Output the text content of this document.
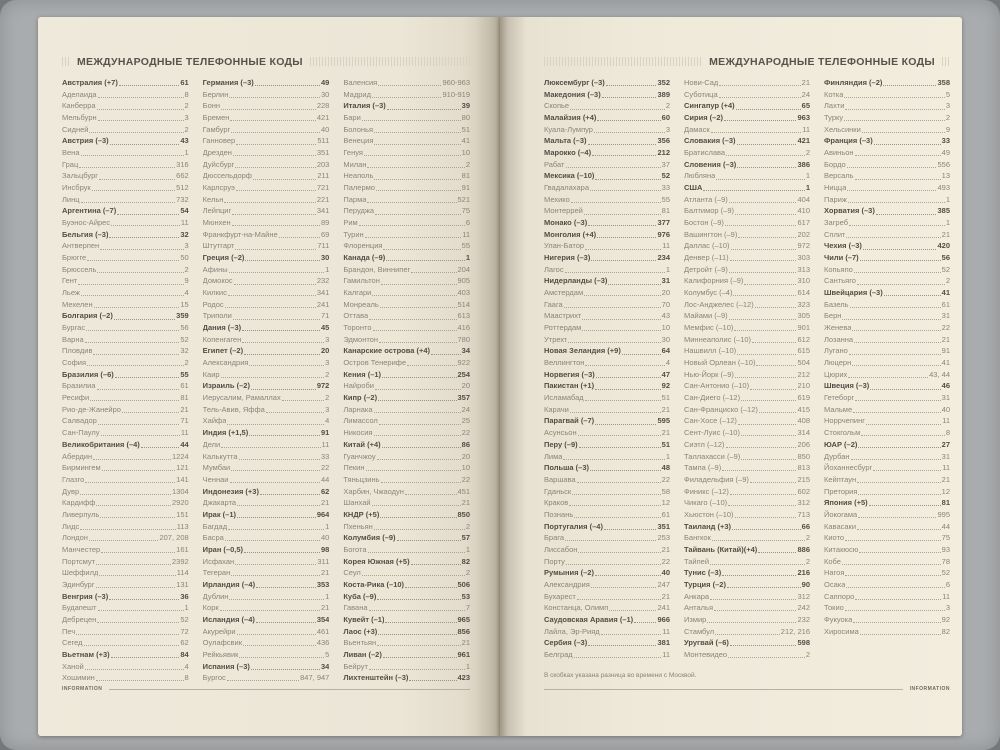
МЕЖДУНАРОДНЫЕ ТЕЛЕФОННЫЕ КОДЫ
Австралия (+7)	61
Аделаида	8
Канберра	2
Мельбурн	3
Сидней	2
Австрия (–3)	43
Вена	1
Грац	316
Зальцбург	662
Инсбрук	512
Линц	732
Аргентина (–7)	54
Буэнос-Айрес	11
Бельгия (–3)	32
Антверпен	3
Брюгге	50
Брюссель	2
Гент	9
Льеж	4
Мехелен	15
Болгария (–2)	359
Бургас	56
Варна	52
Пловдив	32
София	2
Бразилия (–6)	55
Бразилиа	61
Ресифи	81
Рио-де-Жанейро	21
Салвадор	71
Сан-Паулу	11
Великобритания (–4)	44
Абердин	1224
Бирмингем	121
Глазго	141
Дувр	1304
Кардифф	2920
Ливерпуль	151
Лидс	113
Лондон	207, 208
Манчестер	161
Портсмут	2392
Шеффилд	114
Эдинбург	131
Венгрия (–3)	36
Будапешт	1
Дебрецен	52
Печ	72
Сегед	62
Вьетнам (+3)	84
Ханой	4
Хошимин	8
Германия (–3)	49
Берлин	30
Бонн	228
Бремен	421
Гамбург	40
Ганновер	511
Дрезден	351
Дуйсбург	203
Дюссельдорф	211
Карлсруэ	721
Кельн	221
Лейпциг	341
Мюнхен	89
Франкфурт-на-Майне	69
Штутгарт	711
Греция (–2)	30
Афины	1
Домокос	232
Килкис	341
Родос	241
Триполи	71
Дания (–3)	45
Копенгаген	3
Египет (–2)	20
Александрия	3
Каир	2
Израиль (–2)	972
Иерусалим, Рамаллах	2
Тель-Авив, Яффа	3
Хайфа	4
Индия (+1,5)	91
Дели	11
Калькутта	33
Мумбаи	22
Ченнаи	44
Индонезия (+3)	62
Джакарта	21
Ирак (–1)	964
Багдад	1
Басра	40
Иран (–0,5)	98
Исфахан	311
Тегеран	21
Ирландия (–4)	353
Дублин	1
Корк	21
Исландия (–4)	354
Акурейри	461
Оулафсвик	436
Рейкьявик	5
Испания (–3)	34
Бургос	847, 947
Валенсия	960-963
Мадрид	910-919
Италия (–3)	39
Бари	80
Болонья	51
Венеция	41
Генуя	10
Милан	2
Неаполь	81
Палермо	91
Парма	521
Перуджа	75
Рим	6
Турин	11
Флоренция	55
Канада (–9)	1
Брандон, Виннипег	204
Гамильтон	905
Калгари	403
Монреаль	514
Оттава	613
Торонто	416
Эдмонтон	780
Канарские острова (+4)	34
Остров Тенерифе	922
Кения (–1)	254
Найроби	20
Кипр (–2)	357
Ларнака	24
Лимассол	25
Никосия	22
Китай (+4)	86
Гуанчжоу	20
Пекин	10
Тяньцзинь	22
Харбин, Чжаодун	451
Шанхай	21
КНДР (+5)	850
Пхеньян	2
Колумбия (–9)	57
Богота	1
Корея Южная (+5)	82
Сеул	2
Коста-Рика (–10)	506
Куба (–9)	53
Гавана	7
Кувейт (–1)	965
Лаос (+3)	856
Вьентьян	21
Ливан (–2)	961
Бейрут	1
Лихтенштейн (–3)	423
INFORMATION
МЕЖДУНАРОДНЫЕ ТЕЛЕФОННЫЕ КОДЫ
Люксембург (–3)	352
Македония (–3)	389
Скопье	2
Малайзия (+4)	60
Куала-Лумпур	3
Мальта (–3)	356
Марокко (–4)	212
Рабат	37
Мексика (–10)	52
Гвадалахара	33
Мехико	55
Монтеррей	81
Монако (–3)	377
Монголия (+4)	976
Улан-Батор	11
Нигерия (–3)	234
Лагос	1
Нидерланды (–3)	31
Амстердам	20
Гаага	70
Маастрихт	43
Роттердам	10
Утрехт	30
Новая Зеландия (+9)	64
Веллингтон	4
Норвегия (–3)	47
Пакистан (+1)	92
Исламабад	51
Карачи	21
Парагвай (–7)	595
Асунсьон	21
Перу (–9)	51
Лима	1
Польша (–3)	48
Варшава	22
Гданьск	58
Краков	12
Познань	61
Португалия (–4)	351
Брага	253
Лиссабон	21
Порту	22
Румыния (–2)	40
Александрия	247
Бухарест	21
Констанца, Олимп	241
Саудовская Аравия (–1)	966
Лайла, Эр-Рияд	11
Сербия (–3)	381
Белград	11
Нови-Сад	21
Суботица	24
Сингапур (+4)	65
Сирия (–2)	963
Дамаск	11
Словакия (–3)	421
Братислава	2
Словения (–3)	386
Любляна	1
США	1
Атланта (–9)	404
Балтимор (–9)	410
Бостон (–9)	617
Вашингтон (–9)	202
Даллас (–10)	972
Денвер (–11)	303
Детройт (–9)	313
Калифорния (–9)	310
Колумбус (–4)	614
Лос-Анджелес (–12)	323
Майами (–9)	305
Мемфис (–10)	901
Миннеаполис (–10)	612
Нашвилл (–10)	615
Новый Орлеан (–10)	504
Нью-Йорк (–9)	212
Сан-Антонио (–10)	210
Сан-Диего (–12)	619
Сан-Франциско (–12)	415
Сан-Хосе (–12)	408
Сент-Луис (–10)	314
Сиэтл (–12)	206
Таллахасси (–9)	850
Тампа (–9)	813
Филадельфия (–9)	215
Финикс (–12)	602
Чикаго (–10)	312
Хьюстон (–10)	713
Таиланд (+3)	66
Бангкок	2
Тайвань (Китай)(+4)	886
Тайпей	2
Тунис (–3)	216
Турция (–2)	90
Анкара	312
Анталья	242
Измир	232
Стамбул	212, 216
Уругвай (–6)	598
Монтевидео	2
Финляндия (–2)	358
Котка	5
Лахти	3
Турку	2
Хельсинки	9
Франция (–3)	33
Авиньон	49
Бордо	556
Версаль	13
Ницца	493
Париж	1
Хорватия (–3)	385
Загреб	1
Сплит	21
Чехия (–3)	420
Чили (–7)	56
Копьяпо	52
Сантьяго	2
Швейцария (–3)	41
Базель	61
Берн	31
Женева	22
Лозанна	21
Лугано	91
Люцерн	41
Цюрих	43, 44
Швеция (–3)	46
Гетеборг	31
Мальме	40
Норрчепинг	11
Стокгольм	8
ЮАР (–2)	27
Дурбан	31
Йоханнесбург	11
Кейптаун	21
Претория	12
Япония (+5)	81
Йокогама	995
Кавасаки	44
Киото	75
Китакюсю	93
Кобе	78
Нагоя	52
Осака	6
Саппоро	11
Токио	3
Фукуока	92
Хиросима	82
В скобках указана разница во времени с Москвой.
INFORMATION
